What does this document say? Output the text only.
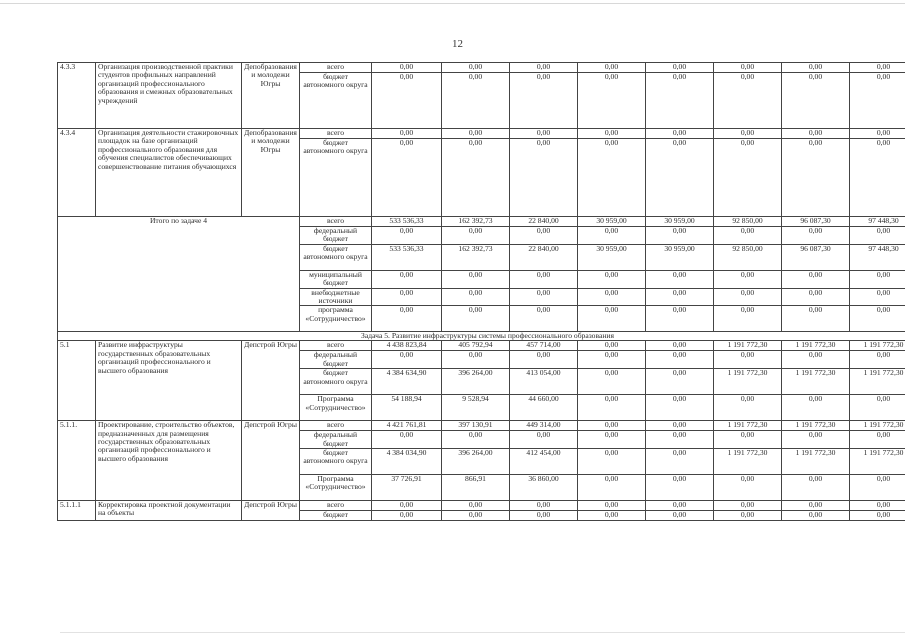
12
4.3.3	Организация производственной практики студентов профильных направлений организаций профессионального образования и смежных образовательных учреждений	Депобразования и молодежи Югры	всего	0,00	0,00	0,00	0,00	0,00	0,00	0,00	0,00
			бюджет автономного округа	0,00	0,00	0,00	0,00	0,00	0,00	0,00	0,00
4.3.4	Организация деятельности стажировочных площадок на базе организаций профессионального образования для обучения специалистов обеспечивающих совершенствование питания обучающихся	Депобразования и молодежи Югры	всего	0,00	0,00	0,00	0,00	0,00	0,00	0,00	0,00
			бюджет автономного округа	0,00	0,00	0,00	0,00	0,00	0,00	0,00	0,00
Итого по задаче 4			всего	533 536,33	162 392,73	22 840,00	30 959,00	30 959,00	92 850,00	96 087,30	97 448,30
			федеральный бюджет	0,00	0,00	0,00	0,00	0,00	0,00	0,00	0,00
			бюджет автономного округа	533 536,33	162 392,73	22 840,00	30 959,00	30 959,00	92 850,00	96 087,30	97 448,30
			муниципальный бюджет	0,00	0,00	0,00	0,00	0,00	0,00	0,00	0,00
			внебюджетные источники	0,00	0,00	0,00	0,00	0,00	0,00	0,00	0,00
			программа «Сотрудничество»	0,00	0,00	0,00	0,00	0,00	0,00	0,00	0,00
Задача 5. Развитие инфраструктуры системы профессионального образования											
5.1	Развитие инфраструктуры государственных образовательных организаций профессионального и высшего образования	Депстрой Югры	всего	4 438 823,84	405 792,94	457 714,00	0,00	0,00	1 191 772,30	1 191 772,30	1 191 772,30
			федеральный бюджет	0,00	0,00	0,00	0,00	0,00	0,00	0,00	0,00
			бюджет автономного округа	4 384 634,90	396 264,00	413 054,00	0,00	0,00	1 191 772,30	1 191 772,30	1 191 772,30
			Программа «Сотрудничество»	54 188,94	9 528,94	44 660,00	0,00	0,00	0,00	0,00	0,00
5.1.1.	Проектирование, строительство объектов, предназначенных для размещения государственных образовательных организаций профессионального и высшего образования	Депстрой Югры	всего	4 421 761,81	397 130,91	449 314,00	0,00	0,00	1 191 772,30	1 191 772,30	1 191 772,30
			федеральный бюджет	0,00	0,00	0,00	0,00	0,00	0,00	0,00	0,00
			бюджет автономного округа	4 384 034,90	396 264,00	412 454,00	0,00	0,00	1 191 772,30	1 191 772,30	1 191 772,30
			Программа «Сотрудничество»	37 726,91	866,91	36 860,00	0,00	0,00	0,00	0,00	0,00
5.1.1.1	Корректировка проектной документации на объекты	Депстрой Югры	всего	0,00	0,00	0,00	0,00	0,00	0,00	0,00	0,00
			бюджет	0,00	0,00	0,00	0,00	0,00	0,00	0,00	0,00
